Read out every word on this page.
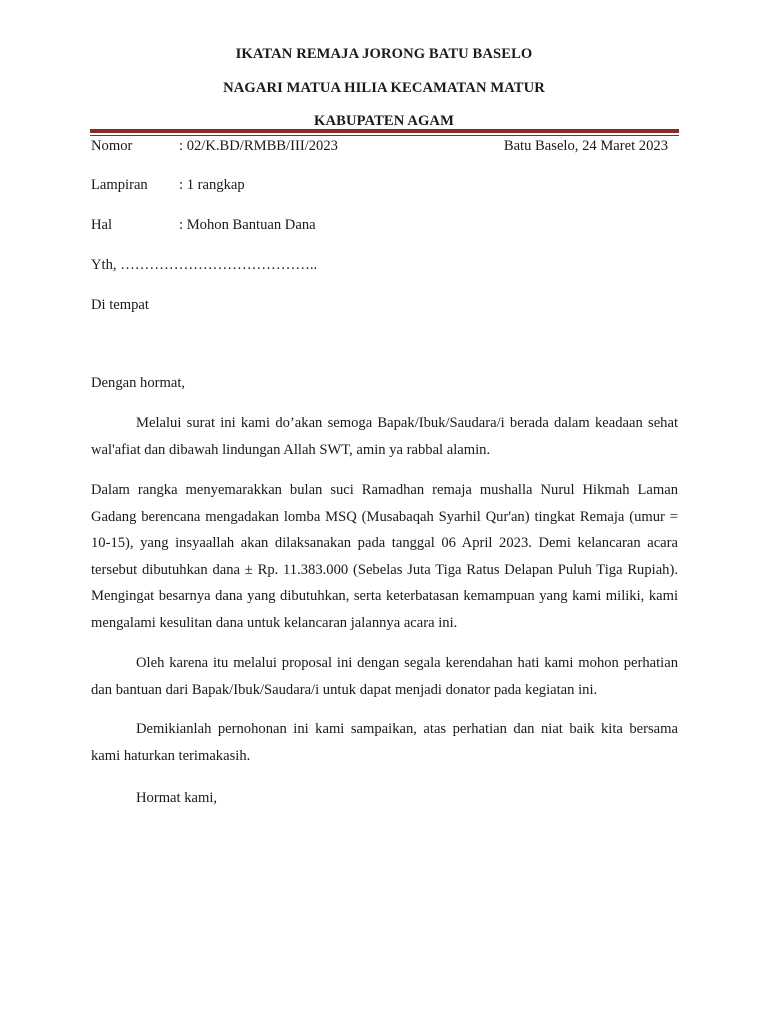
IKATAN REMAJA JORONG BATU BASELO
NAGARI MATUA HILIA KECAMATAN MATUR
KABUPATEN AGAM
Nomor	: 02/K.BD/RMBB/III/2023	Batu Baselo, 24 Maret 2023
Lampiran : 1 rangkap
Hal	: Mohon Bantuan Dana
Yth, …………………………………..
Di tempat
Dengan hormat,

Melalui surat ini kami do’akan semoga Bapak/Ibuk/Saudara/i berada dalam keadaan sehat wal'afiat dan dibawah lindungan Allah SWT, amin ya rabbal alamin.

Dalam rangka menyemarakkan bulan suci Ramadhan remaja mushalla Nurul Hikmah Laman Gadang berencana mengadakan lomba MSQ (Musabaqah Syarhil Qur'an) tingkat Remaja (umur = 10-15), yang insyaallah akan dilaksanakan pada tanggal 06 April 2023. Demi kelancaran acara tersebut dibutuhkan dana ± Rp. 11.383.000 (Sebelas Juta Tiga Ratus Delapan Puluh Tiga Rupiah). Mengingat besarnya dana yang dibutuhkan, serta keterbatasan kemampuan yang kami miliki, kami mengalami kesulitan dana untuk kelancaran jalannya acara ini.

Oleh karena itu melalui proposal ini dengan segala kerendahan hati kami mohon perhatian dan bantuan dari Bapak/Ibuk/Saudara/i untuk dapat menjadi donator pada kegiatan ini.

Demikianlah pernohonan ini kami sampaikan, atas perhatian dan niat baik kita bersama kami haturkan terimakasih.

Hormat kami,
